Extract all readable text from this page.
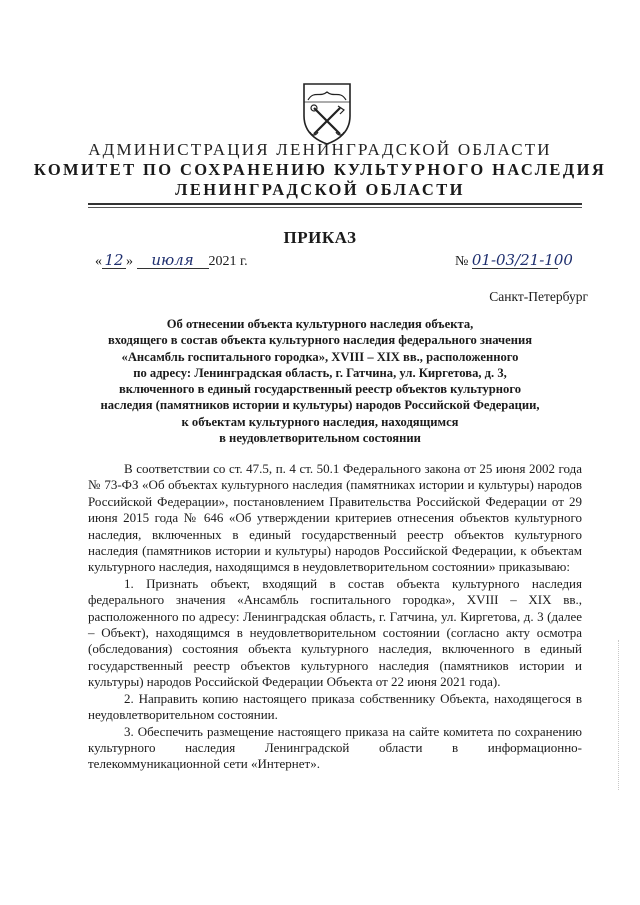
АДМИНИСТРАЦИЯ ЛЕНИНГРАДСКОЙ ОБЛАСТИ
КОМИТЕТ ПО СОХРАНЕНИЮ КУЛЬТУРНОГО НАСЛЕДИЯ
ЛЕНИНГРАДСКОЙ ОБЛАСТИ
ПРИКАЗ
« 12 » июля 2021 г.	№ 01-03/21-100
Санкт-Петербург
Об отнесении объекта культурного наследия объекта,
входящего в состав объекта культурного наследия федерального значения
«Ансамбль госпитального городка», XVIII – XIX вв., расположенного
по адресу: Ленинградская область, г. Гатчина, ул. Киргетова, д. 3,
включенного в единый государственный реестр объектов культурного
наследия (памятников истории и культуры) народов Российской Федерации,
к объектам культурного наследия, находящимся
в неудовлетворительном состоянии

В соответствии со ст. 47.5, п. 4 ст. 50.1 Федерального закона от 25 июня 2002 года № 73-ФЗ «Об объектах культурного наследия (памятниках истории и культуры) народов Российской Федерации», постановлением Правительства Российской Федерации от 29 июня 2015 года № 646 «Об утверждении критериев отнесения объектов культурного наследия, включенных в единый государственный реестр объектов культурного наследия (памятников истории и культуры) народов Российской Федерации, к объектам культурного наследия, находящимся в неудовлетворительном состоянии» приказываю:

1. Признать объект, входящий в состав объекта культурного наследия федерального значения «Ансамбль госпитального городка», XVIII – XIX вв., расположенного по адресу: Ленинградская область, г. Гатчина, ул. Киргетова, д. 3 (далее – Объект), находящимся в неудовлетворительном состоянии (согласно акту осмотра (обследования) состояния объекта культурного наследия, включенного в единый государственный реестр объектов культурного наследия (памятников истории и культуры) народов Российской Федерации Объекта от 22 июня 2021 года).

2. Направить копию настоящего приказа собственнику Объекта, находящегося в неудовлетворительном состоянии.

3. Обеспечить размещение настоящего приказа на сайте комитета по сохранению культурного наследия Ленинградской области в информационно-телекоммуникационной сети «Интернет».
